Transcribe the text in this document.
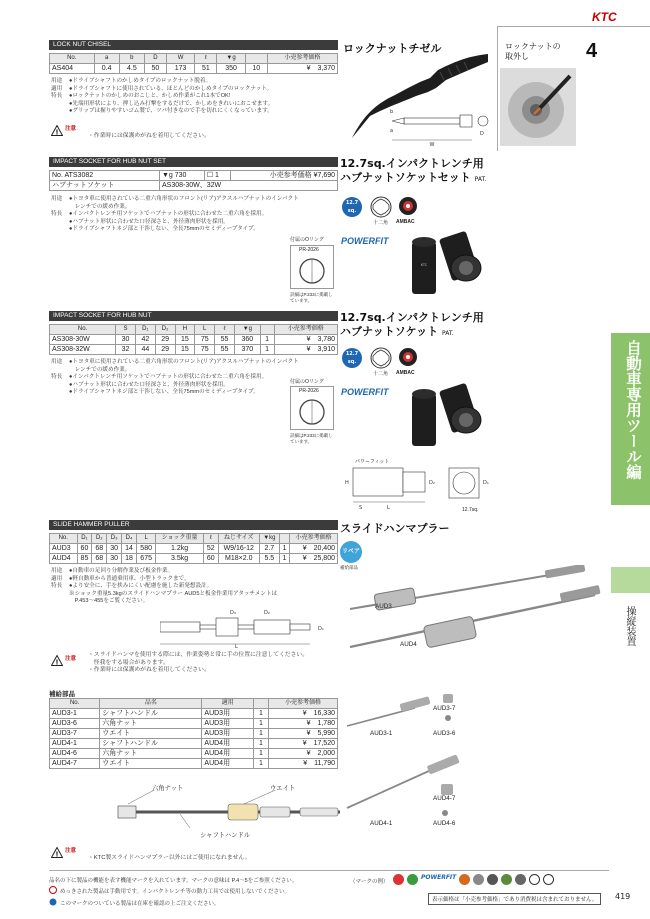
KTC
LOCK NUT CHISEL
No.	a	b	D	W	ℓ	▼g		小売参考価格
AS404	0.4	4.5	50	173	51	350	10	¥　3,370
用途	●ドライブシャフトのかしめタイプのロックナット脱着。
適用	●ドライブシャフトに使用されている、ほとんどのかしめタイプのロックナット。
特長	●ロックナットのかしめのおこしと、かしめ作業がこれ1本でOK!
●先端用形状により、押し込み打撃をするだけで、かしめをきれいにおこせます。
●グリップは握りやすいゴム製で、ツバ付きなので手を切れにくくなっています。
! 注意
・作業時には保護めがねを着用してください。
ロックナットチゼル
W
b
a	D
ロックナットの
取外し	4
IMPACT SOCKET FOR HUB NUT SET
No. ATS3082	▼g 730	☐ 1	小売参考価格 ¥7,690
ハブナットソケット	AS308-30W、32W		
用途	●トヨタ車に使用されている二重六角形状のフロント(リア)アクスルハブナットのインパクト
　レンチでの緩め作業。
特長	●インパクトレンチ用ソケットでハブナットの形状に合わせた二重六角を採用。
●ハブナット形状に合わせた口径深さと、外径薄肉形状を採用。
●ドライブシャフトネジ部と干渉しない、全長75mmのセミディープタイプ。
付属のOリング
PR-2026
詳細はP.233に掲載しています。
12.7sq.インパクトレンチ用
ハブナットソケットセット PAT.
12.7 sq.
十二角 AMBAC
POWERFIT
KTC
IMPACT SOCKET FOR HUB NUT
No.	S	D₁	D₂	H	L	ℓ	▼g		小売参考価格
AS308-30W	30	42	29	15	75	55	360	1	¥　3,780
AS308-32W	32	44	29	15	75	55	370	1	¥　3,910
用途	●トヨタ車に使用されている二重六角形状のフロント(リア)アクスルハブナットのインパクト
　レンチでの緩め作業。
特長	●インパクトレンチ用ソケットでハブナットの形状に合わせた二重六角を採用。
●ハブナット形状に合わせた口径深さと、外径薄肉形状を採用。
●ドライブシャフトネジ部と干渉しない、全長75mmのセミディープタイプ。
付属のOリング
PR-2026
詳細はP.233に掲載しています。
12.7sq.インパクトレンチ用
ハブナットソケット PAT.
12.7 sq.
十二角 AMBAC
POWERFIT
パワーフィット
L
S
H	D₂	D₁
12.7sq.
自動車専用ツール編
操縦装置
SLIDE HAMMER PULLER
No.	D₁	D₂	D₃	D₄	L	ショック重量	ℓ	ねじサイズ	▼kg		小売参考価格
AUD3	60	68	30	14	580	1.2kg	52	W9/16-12	2.7	1	¥　20,400
AUD4	85	68	30	18	675	3.5kg	60	M18×2.0	5.5	1	¥　25,800
用途	●自動車の足回り分解作業及び板金作業。
適用	●軽自動車から普通乗用車、小型トラックまで。
特長	●より安全に、手を挟みにくい配慮を施した新発想設計。
※ショック重量5.3kgのスライドハンマプラー AUD5と板金作業用アタッチメントは
　P.453～455をご覧ください。
D₃	D₂
D₁
L
! 注意
・スライドハンマを使用する際には、作業姿勢と常に手の位置に注意してください。
　怪我をする場合があります。
・作業時には保護めがねを着用してください。
スライドハンマプラー
リペア
補給部品
AUD3
AUD4
補給部品
No.	品名	適用		小売参考価格
AUD3-1	シャフトハンドル	AUD3用	1	¥　16,330
AUD3-6	六角ナット	AUD3用	1	¥　1,780
AUD3-7	ウエイト	AUD3用	1	¥　5,990
AUD4-1	シャフトハンドル	AUD4用	1	¥　17,520
AUD4-6	六角ナット	AUD4用	1	¥　2,000
AUD4-7	ウエイト	AUD4用	1	¥　11,790
六角ナット	ウエイト
シャフトハンドル
! 注意
・KTC製スライドハンマプラー以外にはご使用になれません。
AUD3-7
AUD3-1	AUD3-6
AUD4-7
AUD4-1	AUD4-6
品名の下に製品の機能を表す機能マークを入れています。マークの意味は P.4～5をご参照ください。
めっきされた製品は手動用です。インパクトレンチ等の動力工具では使用しないでください。
このマークのついている製品は在庫を確認の上ご注文ください。
（マークの例）
POWERFIT
表示価格は「小売参考価格」であり消費税は含まれておりません。	419
